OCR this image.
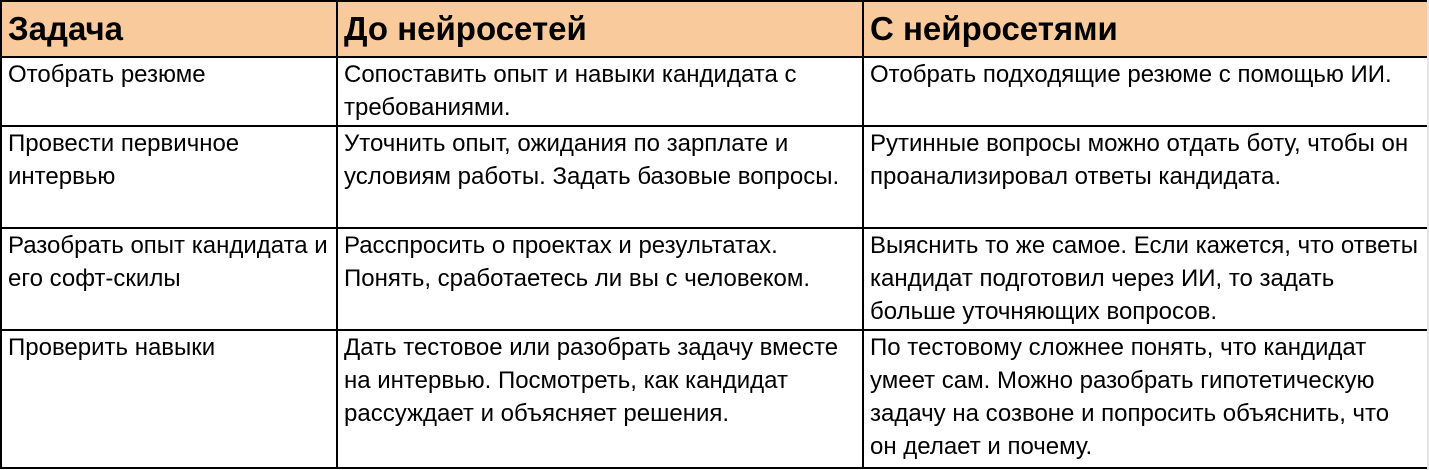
Задача	До нейросетей	С нейросетями
Отобрать резюме	Сопоставить опыт и навыки кандидата с требованиями.	Отобрать подходящие резюме с помощью ИИ.
Провести первичное интервью	Уточнить опыт, ожидания по зарплате и условиям работы. Задать базовые вопросы.	Рутинные вопросы можно отдать боту, чтобы он проанализировал ответы кандидата.
Разобрать опыт кандидата и его софт-скилы	Расспросить о проектах и результатах. Понять, сработаетесь ли вы с человеком.	Выяснить то же самое. Если кажется, что ответы кандидат подготовил через ИИ, то задать больше уточняющих вопросов.
Проверить навыки	Дать тестовое или разобрать задачу вместе на интервью. Посмотреть, как кандидат рассуждает и объясняет решения.	По тестовому сложнее понять, что кандидат умеет сам. Можно разобрать гипотетическую задачу на созвоне и попросить объяснить, что он делает и почему.
